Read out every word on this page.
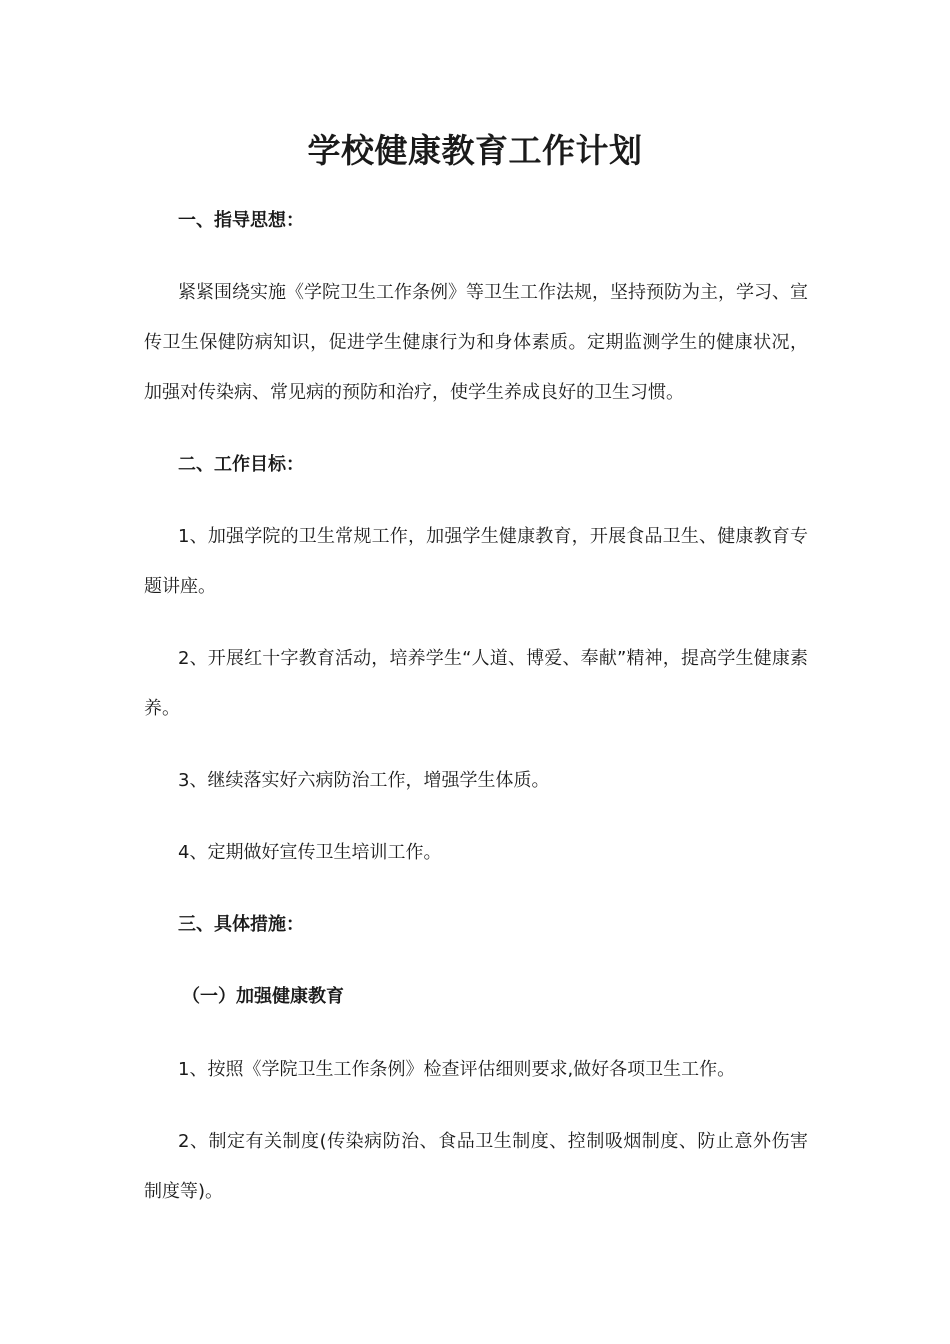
学校健康教育工作计划

一、指导思想：

紧紧围绕实施《学院卫生工作条例》等卫生工作法规，坚持预防为主，学习、宣传卫生保健防病知识，促进学生健康行为和身体素质。定期监测学生的健康状况，加强对传染病、常见病的预防和治疗，使学生养成良好的卫生习惯。

二、工作目标：

1、加强学院的卫生常规工作，加强学生健康教育，开展食品卫生、健康教育专题讲座。

2、开展红十字教育活动，培养学生“人道、博爱、奉献”精神，提高学生健康素养。

3、继续落实好六病防治工作，增强学生体质。

4、定期做好宣传卫生培训工作。

三、具体措施：

（一）加强健康教育

1、按照《学院卫生工作条例》检查评估细则要求,做好各项卫生工作。

2、制定有关制度(传染病防治、食品卫生制度、控制吸烟制度、防止意外伤害制度等)。
